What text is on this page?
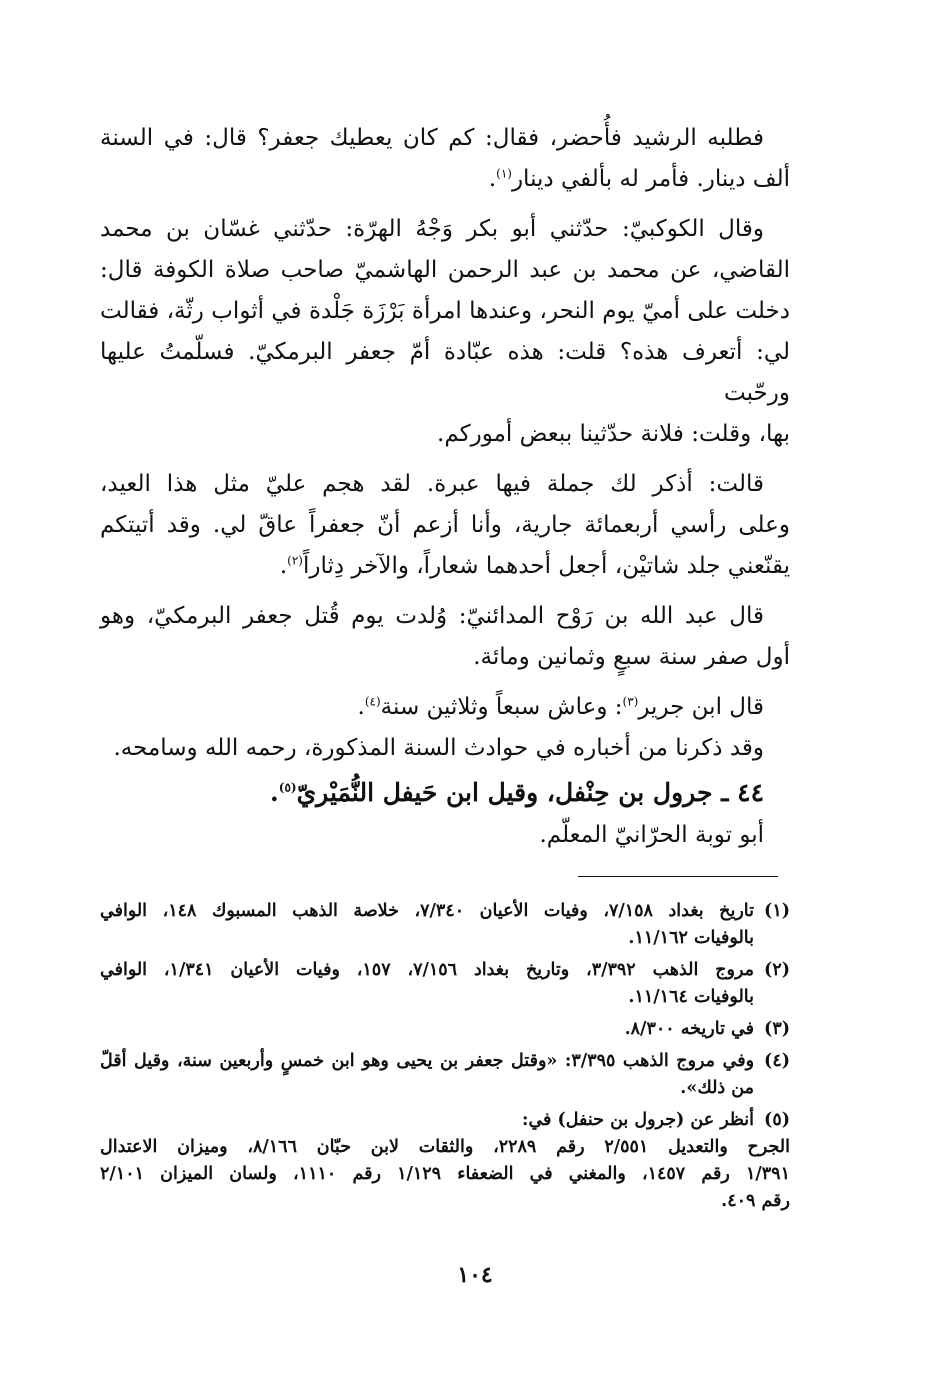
فطلبه الرشيد فأُحضر، فقال: كم كان يعطيك جعفر؟ قال: في السنة
ألف دينار. فأمر له بألفي دينار$^{(١)}$.
وقال الكوكبيّ: حدّثني أبو بكر وَجْهُ الهرّة: حدّثني غسّان بن محمد
القاضي، عن محمد بن عبد الرحمن الهاشميّ صاحب صلاة الكوفة قال:
دخلت على أميّ يوم النحر، وعندها امرأة بَرْزَة جَلْدة في أثواب رثّة، فقالت
لي: أتعرف هذه؟ قلت: هذه عبّادة أمّ جعفر البرمكيّ. فسلّمتُ عليها ورحّبت
بها، وقلت: فلانة حدّثينا ببعض أموركم.
قالت: أذكر لك جملة فيها عبرة. لقد هجم عليّ مثل هذا العيد،
وعلى رأسي أربعمائة جارية، وأنا أزعم أنّ جعفراً عاقّ لي. وقد أتيتكم
يقنّعني جلد شاتيْن، أجعل أحدهما شعاراً، والآخر دِثاراً$^{(٢)}$.
قال عبد الله بن رَوْح المدائنيّ: وُلدت يوم قُتل جعفر البرمكيّ، وهو
أول صفر سنة سبعٍ وثمانين ومائة.
قال ابن جرير$^{(٣)}$: وعاش سبعاً وثلاثين سنة$^{(٤)}$.
وقد ذكرنا من أخباره في حوادث السنة المذكورة، رحمه الله وسامحه.
٤٤ ـ جرول بن حِنْفل، وقيل ابن حَيفل النُّمَيْريّ$^{(٥)}$.
أبو توبة الحرّانيّ المعلّم.
(١)
تاريخ بغداد ٧/١٥٨، وفيات الأعيان ٧/٣٤٠، خلاصة الذهب المسبوك ١٤٨، الوافي
بالوفيات ١١/١٦٢.
(٢)
مروج الذهب ٣/٣٩٢، وتاريخ بغداد ٧/١٥٦، ١٥٧، وفيات الأعيان ١/٣٤١، الوافي
بالوفيات ١١/١٦٤.
(٣)
في تاريخه ٨/٣٠٠.
(٤)
وفي مروج الذهب ٣/٣٩٥: «وقتل جعفر بن يحيى وهو ابن خمسٍ وأربعين سنة، وقيل أقلّ
من ذلك».
(٥)
أنظر عن (جرول بن حنفل) في:
الجرح والتعديل ٢/٥٥١ رقم ٢٢٨٩، والثقات لابن حبّان ٨/١٦٦، وميزان الاعتدال
١/٣٩١ رقم ١٤٥٧، والمغني في الضعفاء ١/١٢٩ رقم ١١١٠، ولسان الميزان ٢/١٠١
رقم ٤٠٩.
١٠٤
